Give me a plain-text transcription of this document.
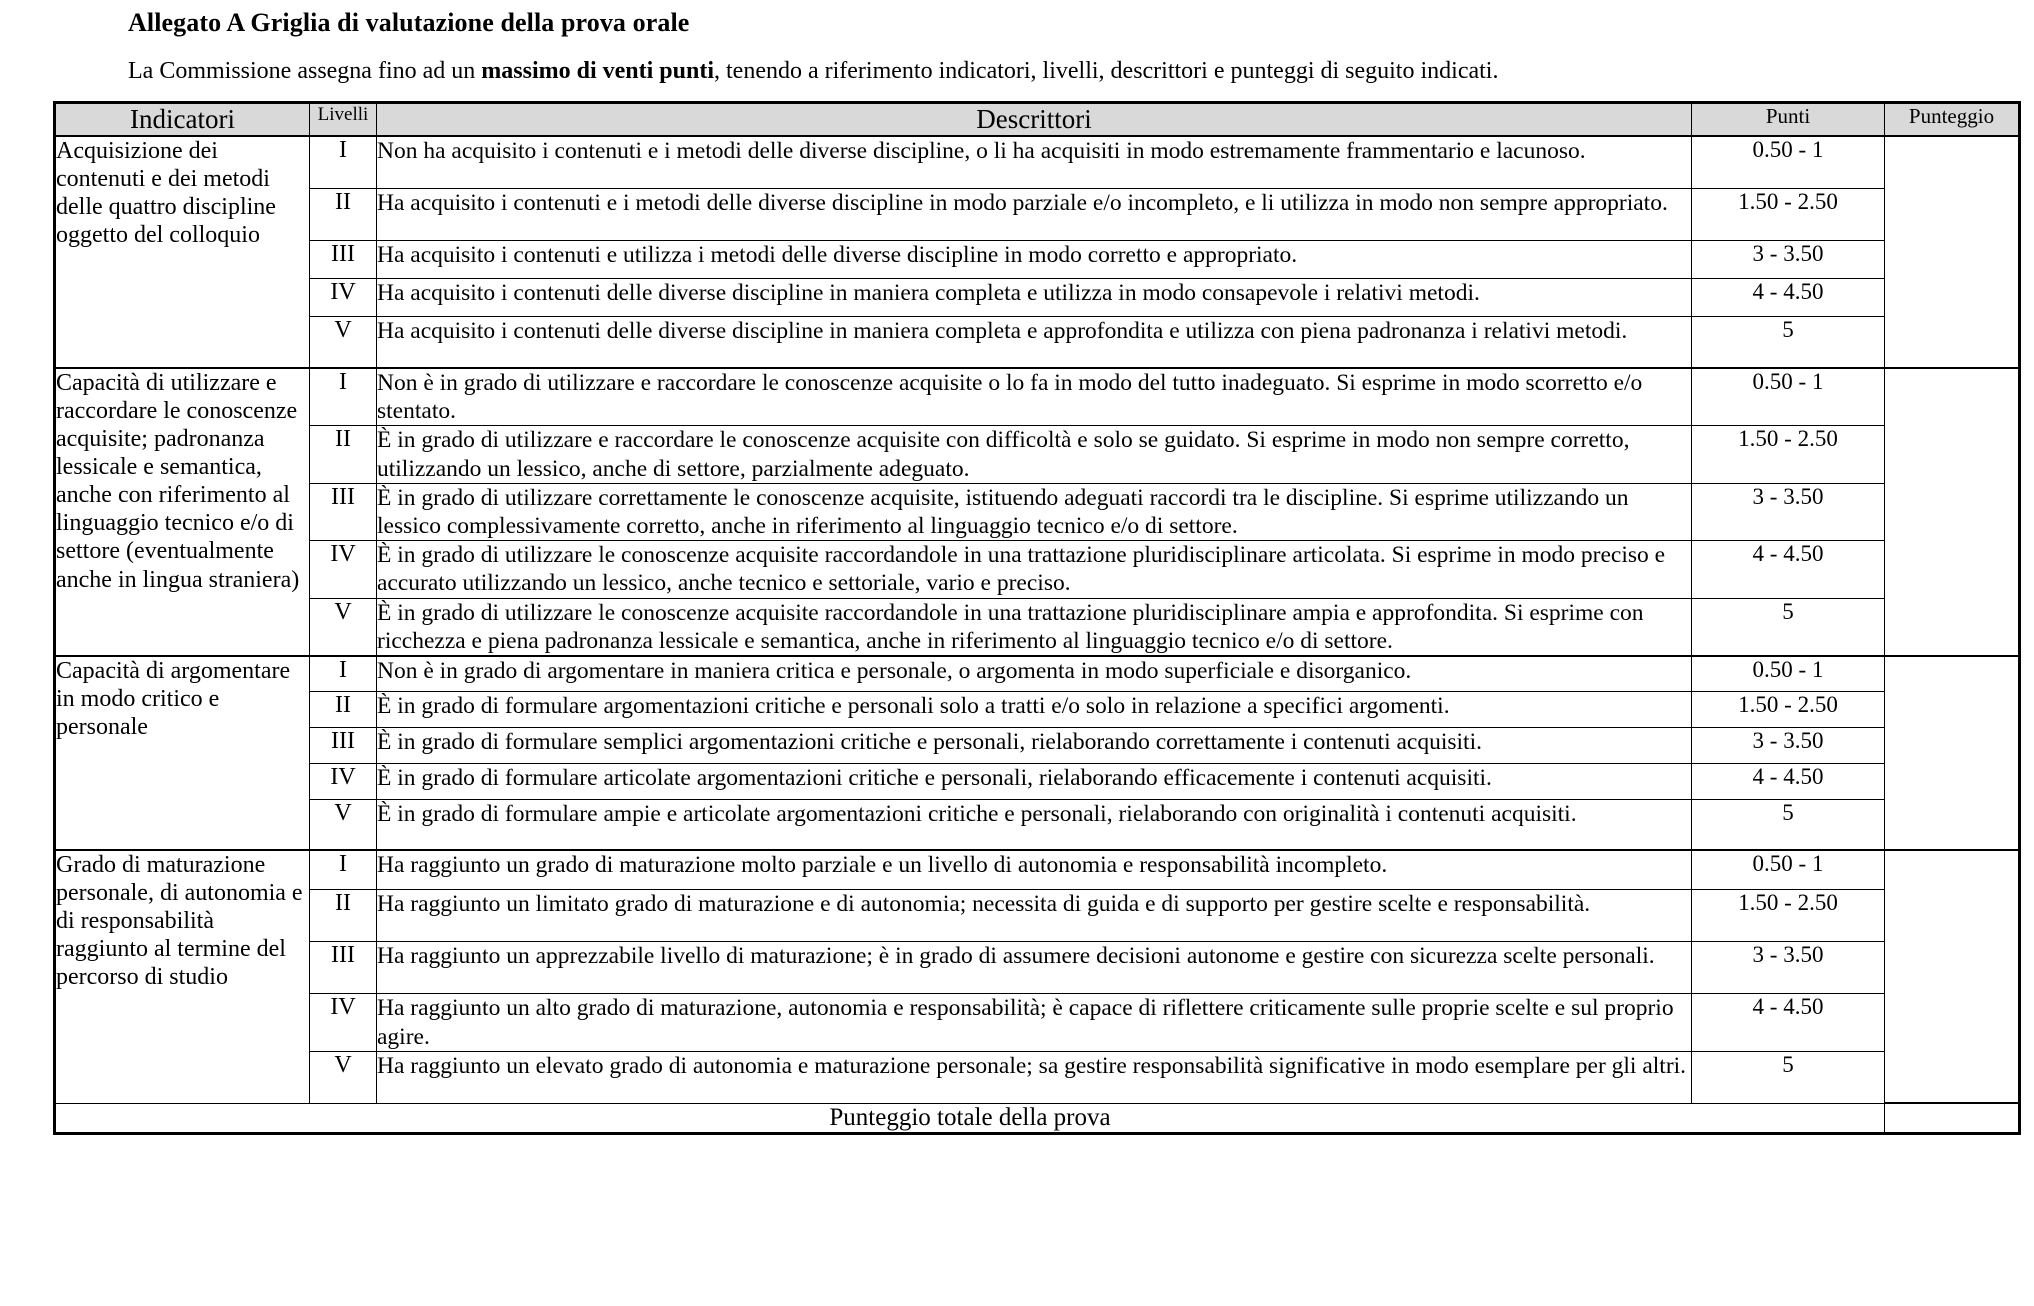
Allegato A Griglia di valutazione della prova orale
La Commissione assegna fino ad un massimo di venti punti, tenendo a riferimento indicatori, livelli, descrittori e punteggi di seguito indicati.
Indicatori	Livelli	Descrittori	Punti	Punteggio
Acquisizione dei contenuti e dei metodi delle quattro discipline oggetto del colloquio	I	Non ha acquisito i contenuti e i metodi delle diverse discipline, o li ha acquisiti in modo estremamente frammentario e lacunoso.	0.50 - 1	
	II	Ha acquisito i contenuti e i metodi delle diverse discipline in modo parziale e/o incompleto, e li utilizza in modo non sempre appropriato.	1.50 - 2.50	
	III	Ha acquisito i contenuti e utilizza i metodi delle diverse discipline in modo corretto e appropriato.	3 - 3.50	
	IV	Ha acquisito i contenuti delle diverse discipline in maniera completa e utilizza in modo consapevole i relativi metodi.	4 - 4.50	
	V	Ha acquisito i contenuti delle diverse discipline in maniera completa e approfondita e utilizza con piena padronanza i relativi metodi.	5	
Capacità di utilizzare e raccordare le conoscenze acquisite; padronanza lessicale e semantica, anche con riferimento al linguaggio tecnico e/o di settore (eventualmente anche in lingua straniera)	I	Non è in grado di utilizzare e raccordare le conoscenze acquisite o lo fa in modo del tutto inadeguato. Si esprime in modo scorretto e/o stentato.	0.50 - 1	
	II	È in grado di utilizzare e raccordare le conoscenze acquisite con difficoltà e solo se guidato. Si esprime in modo non sempre corretto, utilizzando un lessico, anche di settore, parzialmente adeguato.	1.50 - 2.50	
	III	È in grado di utilizzare correttamente le conoscenze acquisite, istituendo adeguati raccordi tra le discipline. Si esprime utilizzando un lessico complessivamente corretto, anche in riferimento al linguaggio tecnico e/o di settore.	3 - 3.50	
	IV	È in grado di utilizzare le conoscenze acquisite raccordandole in una trattazione pluridisciplinare articolata. Si esprime in modo preciso e accurato utilizzando un lessico, anche tecnico e settoriale, vario e preciso.	4 - 4.50	
	V	È in grado di utilizzare le conoscenze acquisite raccordandole in una trattazione pluridisciplinare ampia e approfondita. Si esprime con ricchezza e piena padronanza lessicale e semantica, anche in riferimento al linguaggio tecnico e/o di settore.	5	
Capacità di argomentare in modo critico e personale	I	Non è in grado di argomentare in maniera critica e personale, o argomenta in modo superficiale e disorganico.	0.50 - 1	
	II	È in grado di formulare argomentazioni critiche e personali solo a tratti e/o solo in relazione a specifici argomenti.	1.50 - 2.50	
	III	È in grado di formulare semplici argomentazioni critiche e personali, rielaborando correttamente i contenuti acquisiti.	3 - 3.50	
	IV	È in grado di formulare articolate argomentazioni critiche e personali, rielaborando efficacemente i contenuti acquisiti.	4 - 4.50	
	V	È in grado di formulare ampie e articolate argomentazioni critiche e personali, rielaborando con originalità i contenuti acquisiti.	5	
Grado di maturazione personale, di autonomia e di responsabilità raggiunto al termine del percorso di studio	I	Ha raggiunto un grado di maturazione molto parziale e un livello di autonomia e responsabilità incompleto.	0.50 - 1	
	II	Ha raggiunto un limitato grado di maturazione e di autonomia; necessita di guida e di supporto per gestire scelte e responsabilità.	1.50 - 2.50	
	III	Ha raggiunto un apprezzabile livello di maturazione; è in grado di assumere decisioni autonome e gestire con sicurezza scelte personali.	3 - 3.50	
	IV	Ha raggiunto un alto grado di maturazione, autonomia e responsabilità; è capace di riflettere criticamente sulle proprie scelte e sul proprio agire.	4 - 4.50	
	V	Ha raggiunto un elevato grado di autonomia e maturazione personale; sa gestire responsabilità significative in modo esemplare per gli altri.	5	
Punteggio totale della prova				
